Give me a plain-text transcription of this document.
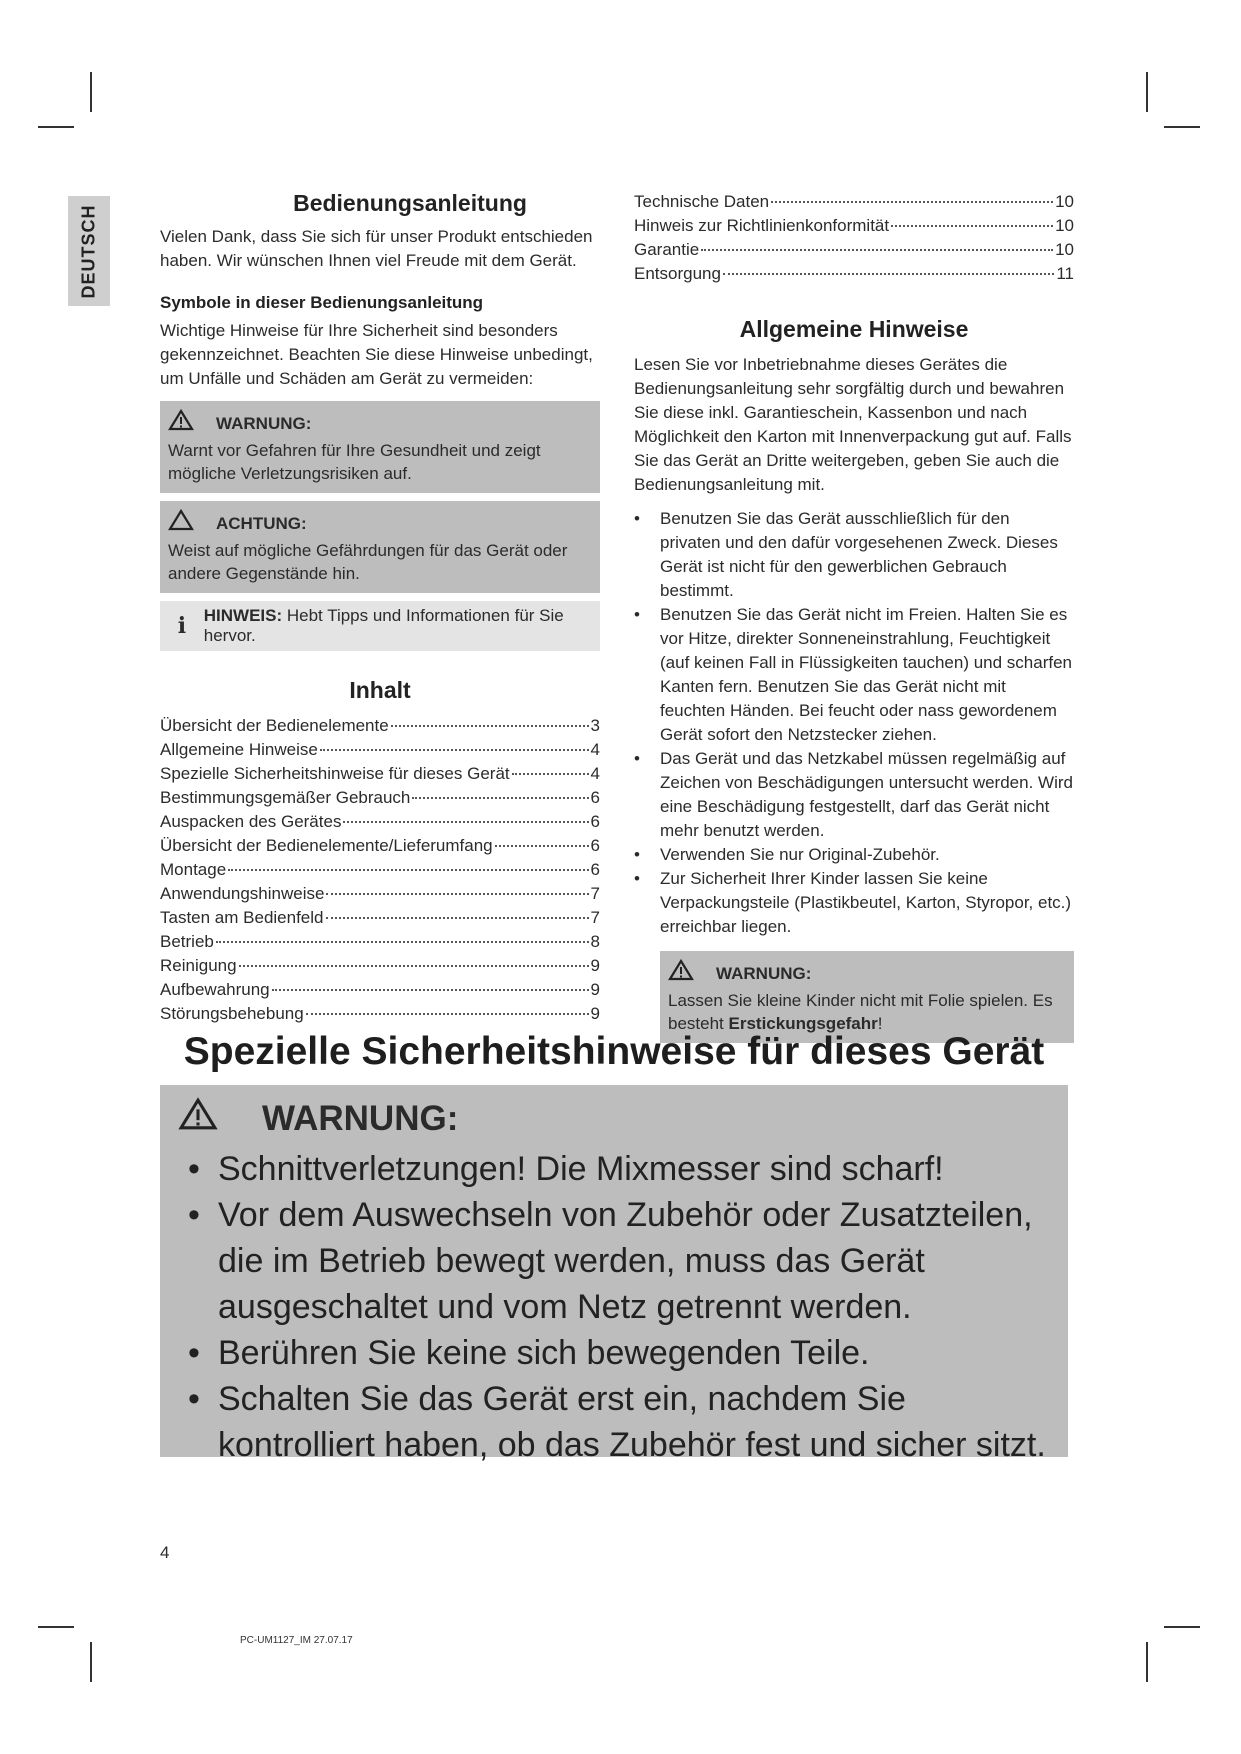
DEUTSCH
Bedienungsanleitung

Vielen Dank, dass Sie sich für unser Produkt entschieden haben. Wir wünschen Ihnen viel Freude mit dem Gerät.

Symbole in dieser Bedienungsanleitung

Wichtige Hinweise für Ihre Sicherheit sind besonders gekennzeichnet. Beachten Sie diese Hinweise unbedingt, um Unfälle und Schäden am Gerät zu vermeiden:

WARNUNG:
Warnt vor Gefahren für Ihre Gesundheit und zeigt mögliche Verletzungsrisiken auf.
ACHTUNG:
Weist auf mögliche Gefährdungen für das Gerät oder andere Gegenstände hin.
i	HINWEIS: Hebt Tipps und Informationen für Sie hervor.
Inhalt
Übersicht der Bedienelemente	3
Allgemeine Hinweise	4
Spezielle Sicherheitshinweise für dieses Gerät	4
Bestimmungsgemäßer Gebrauch	6
Auspacken des Gerätes	6
Übersicht der Bedienelemente/Lieferumfang	6
Montage	6
Anwendungshinweise	7
Tasten am Bedienfeld	7
Betrieb	8
Reinigung	9
Aufbewahrung	9
Störungsbehebung	9
Technische Daten	10
Hinweis zur Richtlinienkonformität	10
Garantie	10
Entsorgung	11
Allgemeine Hinweise

Lesen Sie vor Inbetriebnahme dieses Gerätes die Bedienungsanleitung sehr sorgfältig durch und bewahren Sie diese inkl. Garantieschein, Kassenbon und nach Möglichkeit den Karton mit Innenverpackung gut auf. Falls Sie das Gerät an Dritte weitergeben, geben Sie auch die Bedienungsanleitung mit.

• Benutzen Sie das Gerät ausschließlich für den privaten und den dafür vorgesehenen Zweck. Dieses Gerät ist nicht für den gewerblichen Gebrauch bestimmt.
• Benutzen Sie das Gerät nicht im Freien. Halten Sie es vor Hitze, direkter Sonneneinstrahlung, Feuchtigkeit (auf keinen Fall in Flüssigkeiten tauchen) und scharfen Kanten fern. Benutzen Sie das Gerät nicht mit feuchten Händen. Bei feucht oder nass gewordenem Gerät sofort den Netzstecker ziehen.
• Das Gerät und das Netzkabel müssen regelmäßig auf Zeichen von Beschädigungen untersucht werden. Wird eine Beschädigung festgestellt, darf das Gerät nicht mehr benutzt werden.
• Verwenden Sie nur Original-Zubehör.
• Zur Sicherheit Ihrer Kinder lassen Sie keine Verpackungsteile (Plastikbeutel, Karton, Styropor, etc.) erreichbar liegen.
WARNUNG:
Lassen Sie kleine Kinder nicht mit Folie spielen. Es besteht Erstickungsgefahr!
Spezielle Sicherheitshinweise für dieses Gerät
WARNUNG:
• Schnittverletzungen! Die Mixmesser sind scharf!
• Vor dem Auswechseln von Zubehör oder Zusatzteilen, die im Betrieb bewegt werden, muss das Gerät ausgeschaltet und vom Netz getrennt werden.
• Berühren Sie keine sich bewegenden Teile.
• Schalten Sie das Gerät erst ein, nachdem Sie kontrolliert haben, ob das Zubehör fest und sicher sitzt.
4
PC-UM1127_IM 27.07.17
